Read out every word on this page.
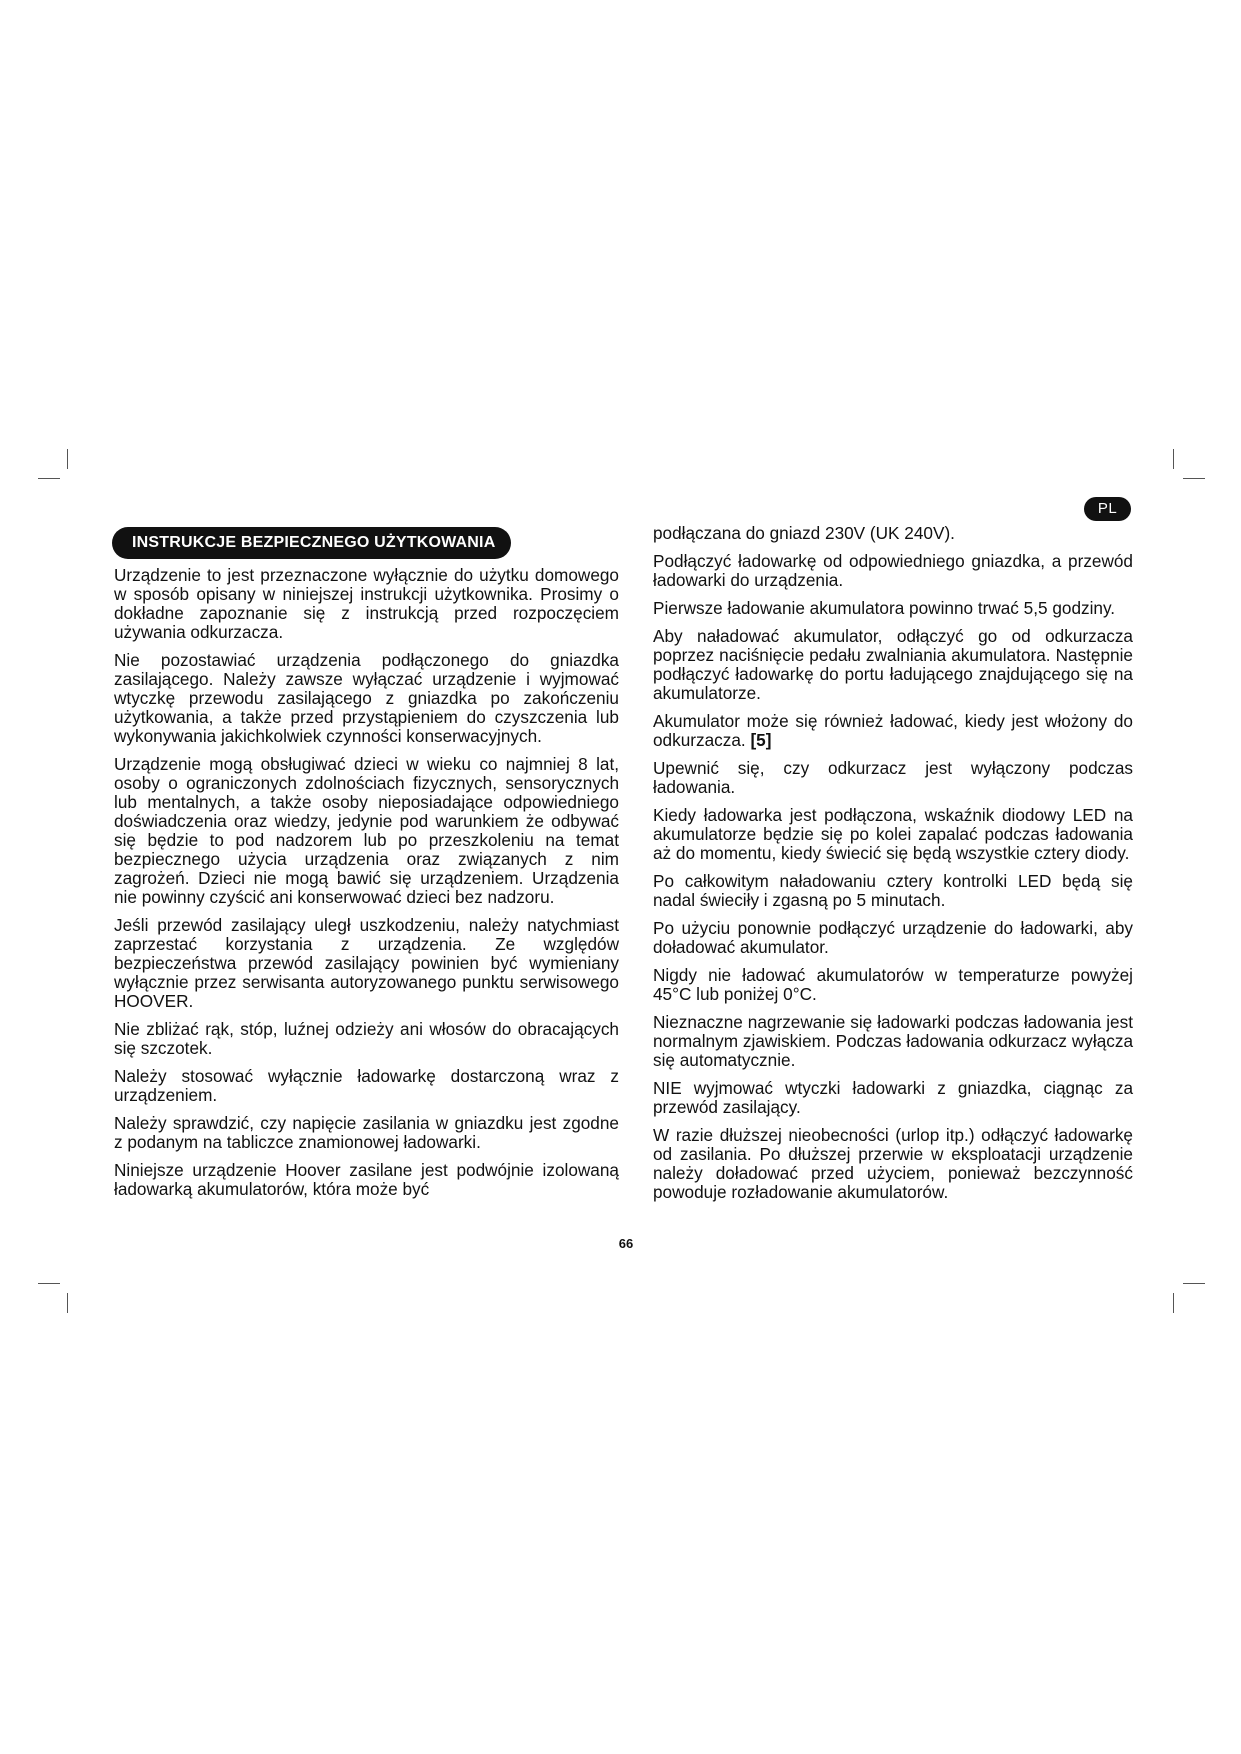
PL
INSTRUKCJE BEZPIECZNEGO UŻYTKOWANIA

Urządzenie to jest przeznaczone wyłącznie do użytku domowego w sposób opisany w niniejszej instrukcji użytkownika. Prosimy o dokładne zapoznanie się z instrukcją przed rozpoczęciem używania odkurzacza.

Nie pozostawiać urządzenia podłączonego do gniazdka zasilającego. Należy zawsze wyłączać urządzenie i wyjmować wtyczkę przewodu zasilającego z gniazdka po zakończeniu użytkowania, a także przed przystąpieniem do czyszczenia lub wykonywania jakichkolwiek czynności konserwacyjnych.

Urządzenie mogą obsługiwać dzieci w wieku co najmniej 8 lat, osoby o ograniczonych zdolnościach fizycznych, sensorycznych lub mentalnych, a także osoby nieposiadające odpowiedniego doświadczenia oraz wiedzy, jedynie pod warunkiem że odbywać się będzie to pod nadzorem lub po przeszkoleniu na temat bezpiecznego użycia urządzenia oraz związanych z nim zagrożeń. Dzieci nie mogą bawić się urządzeniem. Urządzenia nie powinny czyścić ani konserwować dzieci bez nadzoru.

Jeśli przewód zasilający uległ uszkodzeniu, należy natychmiast zaprzestać korzystania z urządzenia. Ze względów bezpieczeństwa przewód zasilający powinien być wymieniany wyłącznie przez serwisanta autoryzowanego punktu serwisowego HOOVER.

Nie zbliżać rąk, stóp, luźnej odzieży ani włosów do obracających się szczotek.

Należy stosować wyłącznie ładowarkę dostarczoną wraz z urządzeniem.

Należy sprawdzić, czy napięcie zasilania w gniazdku jest zgodne z podanym na tabliczce znamionowej ładowarki.

Niniejsze urządzenie Hoover zasilane jest podwójnie izolowaną ładowarką akumulatorów, która może być

66

podłączana do gniazd 230V (UK 240V).

Podłączyć ładowarkę od odpowiedniego gniazdka, a przewód ładowarki do urządzenia.

Pierwsze ładowanie akumulatora powinno trwać 5,5 godziny.

Aby naładować akumulator, odłączyć go od odkurzacza poprzez naciśnięcie pedału zwalniania akumulatora. Następnie podłączyć ładowarkę do portu ładującego znajdującego się na akumulatorze.

Akumulator może się również ładować, kiedy jest włożony do odkurzacza. [5]

Upewnić się, czy odkurzacz jest wyłączony podczas ładowania.

Kiedy ładowarka jest podłączona, wskaźnik diodowy LED na akumulatorze będzie się po kolei zapalać podczas ładowania aż do momentu, kiedy świecić się będą wszystkie cztery diody.

Po całkowitym naładowaniu cztery kontrolki LED będą się nadal świeciły i zgasną po 5 minutach.

Po użyciu ponownie podłączyć urządzenie do ładowarki, aby doładować akumulator.

Nigdy nie ładować akumulatorów w temperaturze powyżej 45°C lub poniżej 0°C.

Nieznaczne nagrzewanie się ładowarki podczas ładowania jest normalnym zjawiskiem. Podczas ładowania odkurzacz wyłącza się automatycznie.

NIE wyjmować wtyczki ładowarki z gniazdka, ciągnąc za przewód zasilający.

W razie dłuższej nieobecności (urlop itp.) odłączyć ładowarkę od zasilania. Po dłuższej przerwie w eksploatacji urządzenie należy doładować przed użyciem, ponieważ bezczynność powoduje rozładowanie akumulatorów.
